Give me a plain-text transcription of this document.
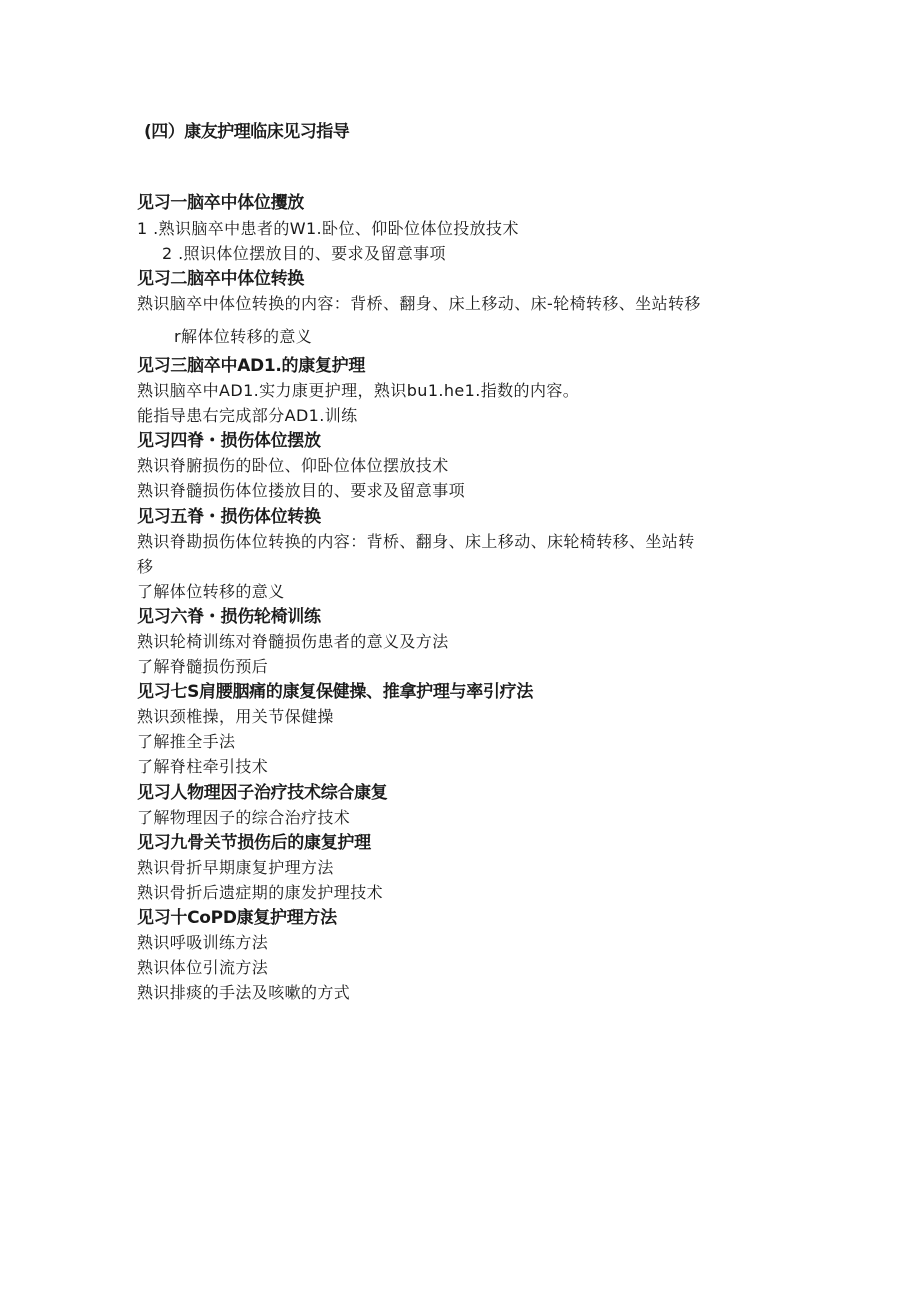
(四）康友护理临床见习指导
见习一脑卒中体位攫放
1 .熟识脑卒中患者的W1.卧位、仰卧位体位投放技术
2 .照识体位摆放目的、要求及留意事项
见习二脑卒中体位转换
熟识脑卒中体位转换的内容：背桥、翻身、床上移动、床-轮椅转移、坐站转移
r解体位转移的意义
见习三脑卒中AD1.的康复护理
熟识脑卒中AD1.实力康更护理，熟识bu1.he1.指数的内容。
能指导患右完成部分AD1.训练
见习四脊・损伤体位摆放
熟识脊腑损伤的卧位、仰卧位体位摆放技术
熟识脊髓损伤体位搂放目的、要求及留意事项
见习五脊・损伤体位转换
熟识脊勘损伤体位转换的内容：背桥、翻身、床上移动、床轮椅转移、坐站转
移
了解体位转移的意义
见习六脊・损伤轮椅训练
熟识轮椅训练对脊髓损伤患者的意义及方法
了解脊髓损伤预后
见习七S肩腰胭痛的康复保健操、推拿护理与率引疗法
熟识颈椎操，用关节保健操
了解推全手法
了解脊柱牵引技术
见习人物理因子治疗技术综合康复
了解物理因子的综合治疗技术
见习九骨关节损伤后的康复护理
熟识骨折早期康复护理方法
熟识骨折后遗症期的康发护理技术
见习十CoPD康复护理方法
熟识呼吸训练方法
熟识体位引流方法
熟识排痰的手法及咳嗽的方式
